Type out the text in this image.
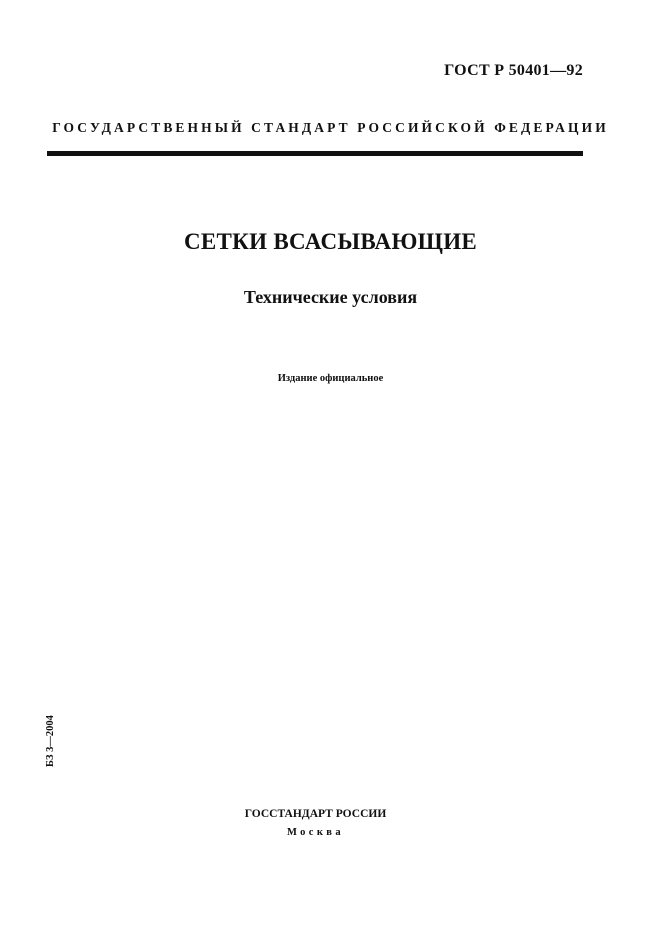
ГОСТ Р 50401—92
ГОСУДАРСТВЕННЫЙ СТАНДАРТ РОССИЙСКОЙ ФЕДЕРАЦИИ
СЕТКИ ВСАСЫВАЮЩИЕ
Технические условия
Издание официальное
БЗ 3—2004
ГОССТАНДАРТ РОССИИ
Москва
